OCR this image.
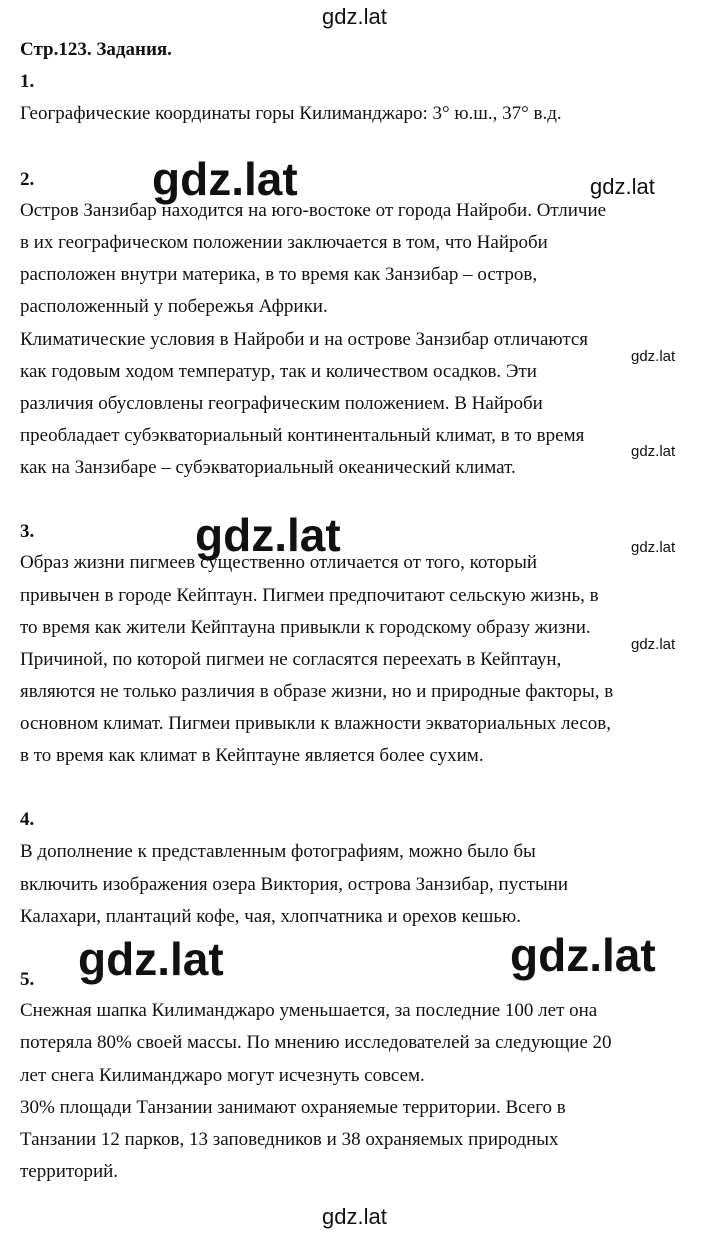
gdz.lat
gdz.lat	gdz.lat
gdz.lat
gdz.lat
gdz.lat	gdz.lat
gdz.lat
gdz.lat	gdz.lat
gdz.lat
Стр.123. Задания.
1.
Географические координаты горы Килиманджаро: 3° ю.ш., 37° в.д.
2.
Остров Занзибар находится на юго-востоке от города Найроби. Отличие
в их географическом положении заключается в том, что Найроби
расположен внутри материка, в то время как Занзибар – остров,
расположенный у побережья Африки.
Климатические условия в Найроби и на острове Занзибар отличаются
как годовым ходом температур, так и количеством осадков. Эти
различия обусловлены географическим положением. В Найроби
преобладает субэкваториальный континентальный климат, в то время
как на Занзибаре – субэкваториальный океанический климат.
3.
Образ жизни пигмеев существенно отличается от того, который
привычен в городе Кейптаун. Пигмеи предпочитают сельскую жизнь, в
то время как жители Кейптауна привыкли к городскому образу жизни.
Причиной, по которой пигмеи не согласятся переехать в Кейптаун,
являются не только различия в образе жизни, но и природные факторы, в
основном климат. Пигмеи привыкли к влажности экваториальных лесов,
в то время как климат в Кейптауне является более сухим.
4.
В дополнение к представленным фотографиям, можно было бы
включить изображения озера Виктория, острова Занзибар, пустыни
Калахари, плантаций кофе, чая, хлопчатника и орехов кешью.
5.
Снежная шапка Килиманджаро уменьшается, за последние 100 лет она
потеряла 80% своей массы. По мнению исследователей за следующие 20
лет снега Килиманджаро могут исчезнуть совсем.
30% площади Танзании занимают охраняемые территории. Всего в
Танзании 12 парков, 13 заповедников и 38 охраняемых природных
территорий.
